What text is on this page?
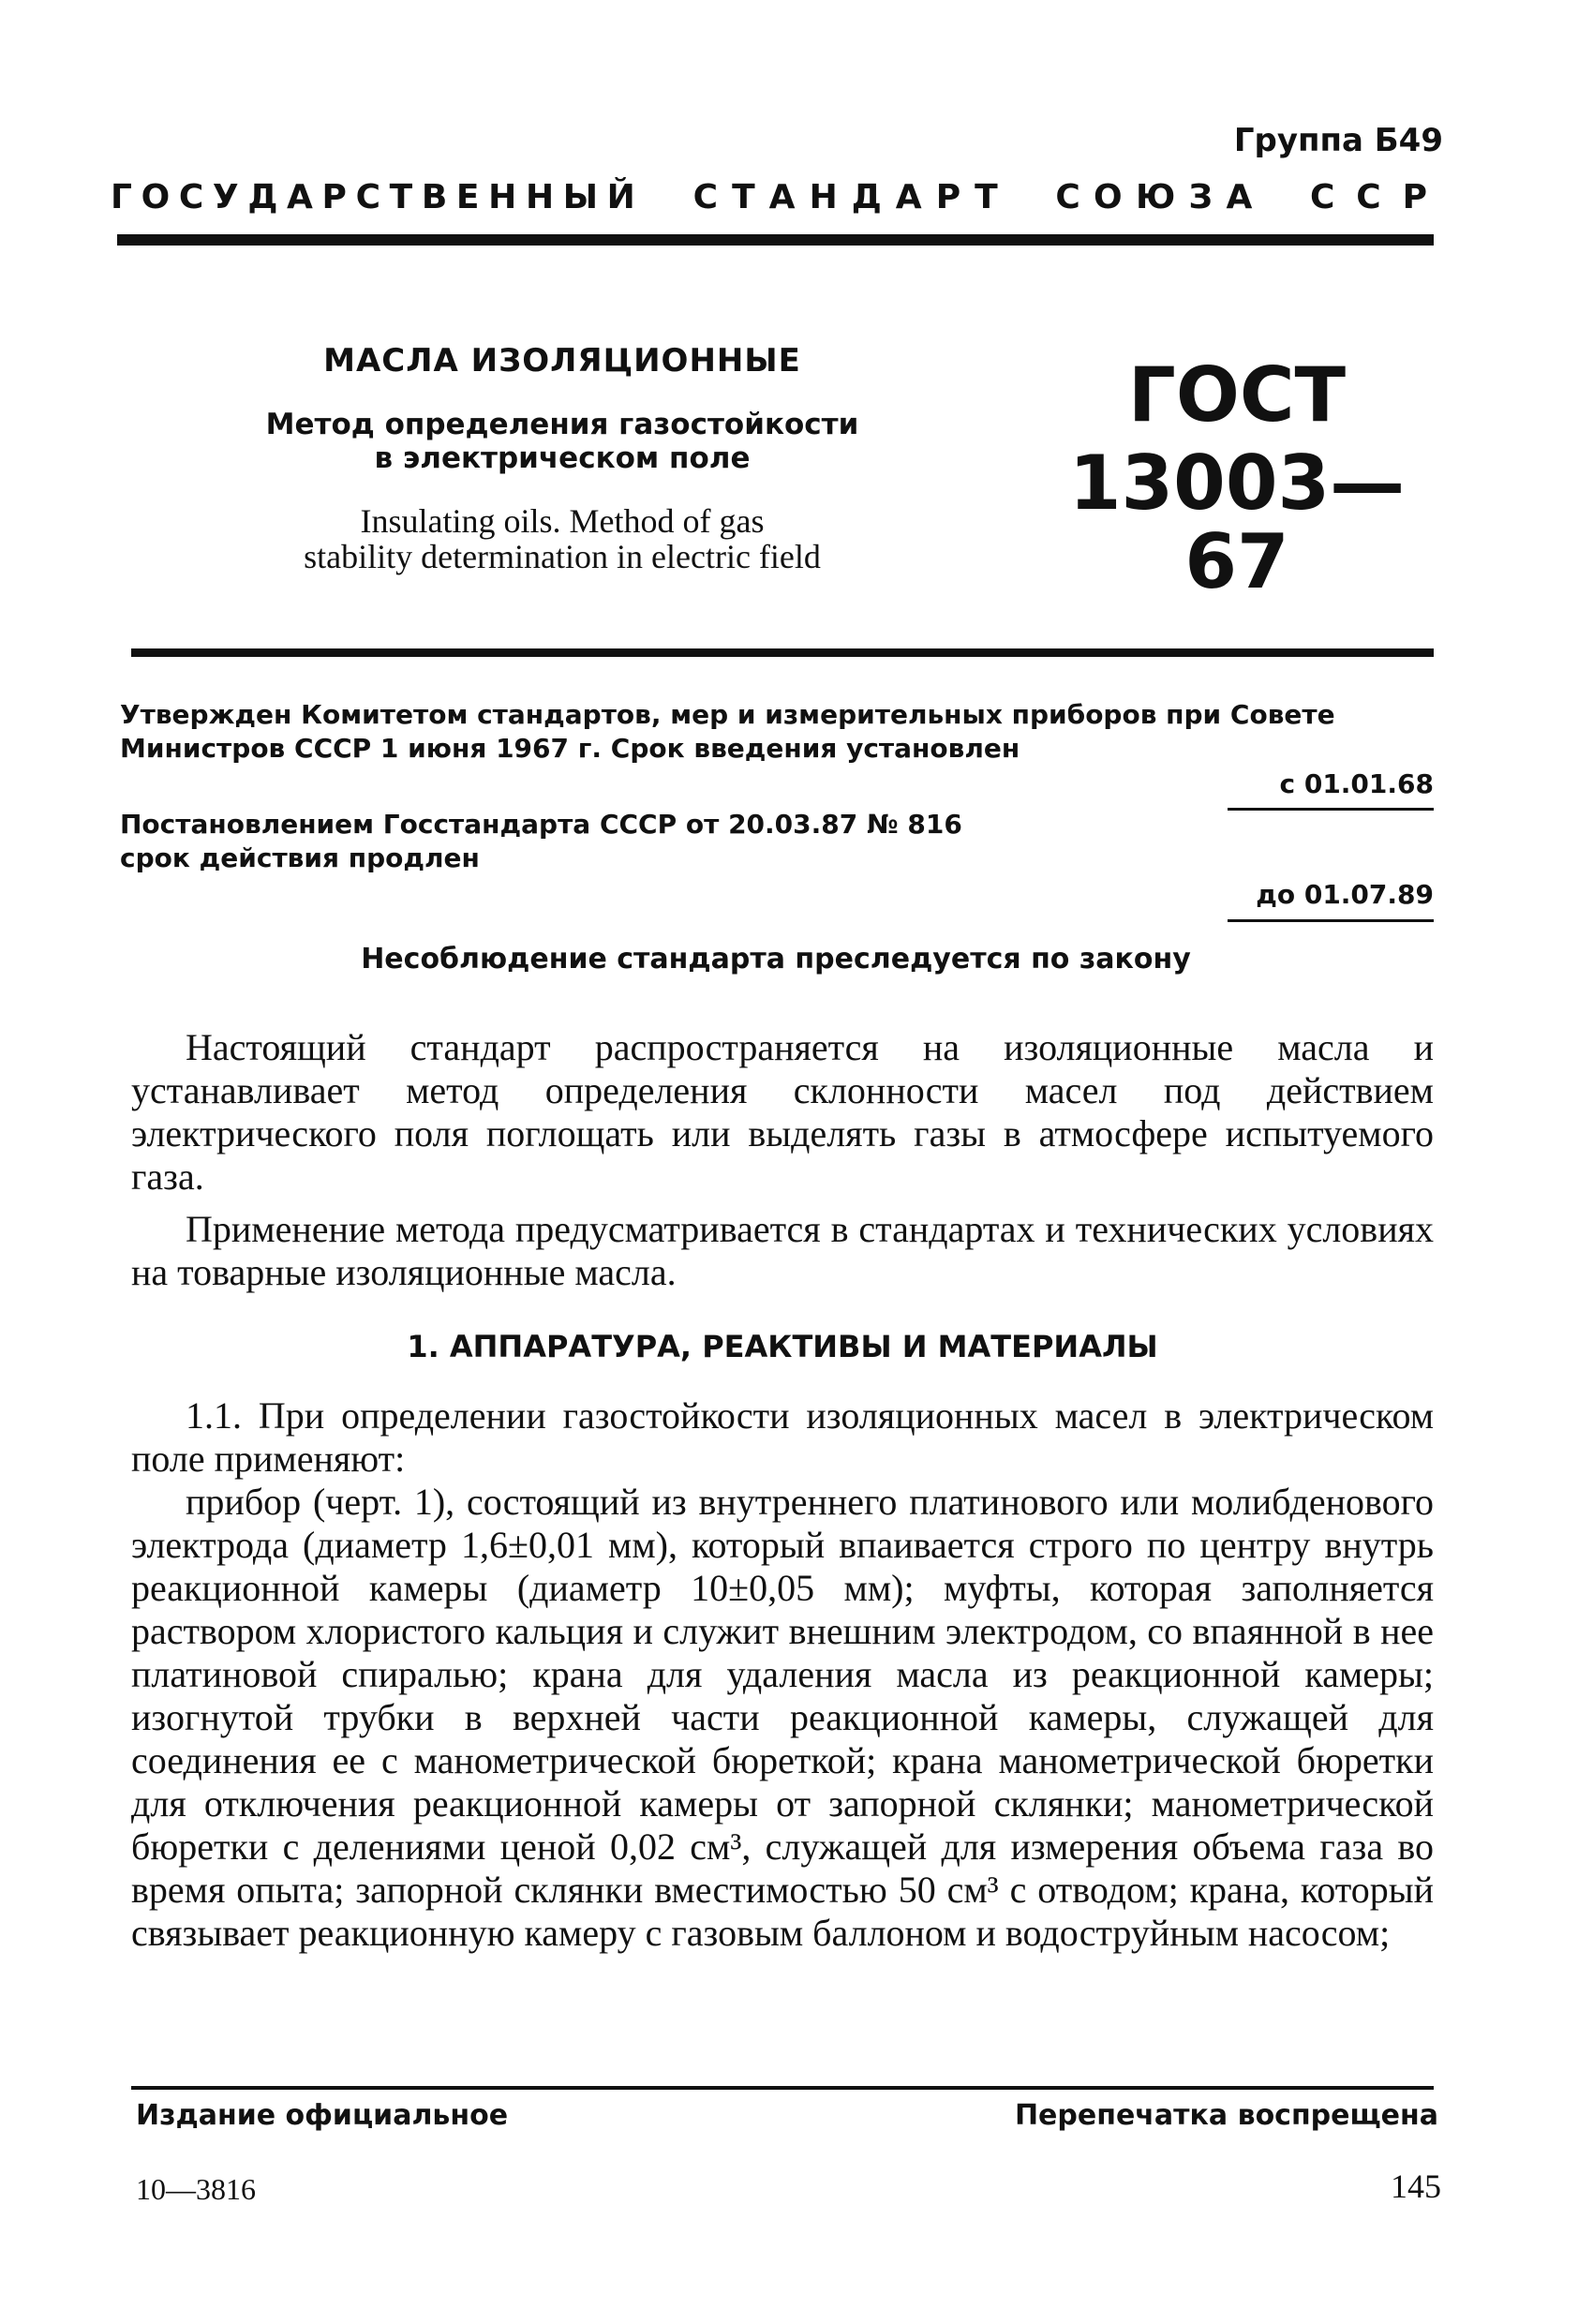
Группа Б49
Г О С У Д А Р С Т В Е Н Н Ы Й С Т А Н Д А Р Т С О Ю З А С С Р
МАСЛА ИЗОЛЯЦИОННЫЕ
Метод определения газостойкости
в электрическом поле
Insulating oils. Method of gas
stability determination in electric field
ГОСТ
13003—67
Утвержден Комитетом стандартов, мер и измерительных приборов при Совете
Министров СССР 1 июня 1967 г. Срок введения установлен
с 01.01.68
Постановлением Госстандарта СССР от 20.03.87 № 816
срок действия продлен
до 01.07.89
Несоблюдение стандарта преследуется по закону

Настоящий стандарт распространяется на изоляционные масла и устанавливает метод определения склонности масел под действием электрического поля поглощать или выделять газы в атмосфере испытуемого газа.

Применение метода предусматривается в стандартах и технических условиях на товарные изоляционные масла.

1. АППАРАТУРА, РЕАКТИВЫ И МАТЕРИАЛЫ

1.1. При определении газостойкости изоляционных масел в электрическом поле применяют:

прибор (черт. 1), состоящий из внутреннего платинового или молибденового электрода (диаметр 1,6±0,01 мм), который впаивается строго по центру внутрь реакционной камеры (диаметр 10±0,05 мм); муфты, которая заполняется раствором хлористого кальция и служит внешним электродом, со впаянной в нее платиновой спиралью; крана для удаления масла из реакционной камеры; изогнутой трубки в верхней части реакционной камеры, служащей для соединения ее с манометрической бюреткой; крана манометрической бюретки для отключения реакционной камеры от запорной склянки; манометрической бюретки с делениями ценой 0,02 см³, служащей для измерения объема газа во время опыта; запорной склянки вместимостью 50 см³ с отводом; крана, который связывает реакционную камеру с газовым баллоном и водоструйным насосом;

Издание официальное	Перепечатка воспрещена
10—3816	145
